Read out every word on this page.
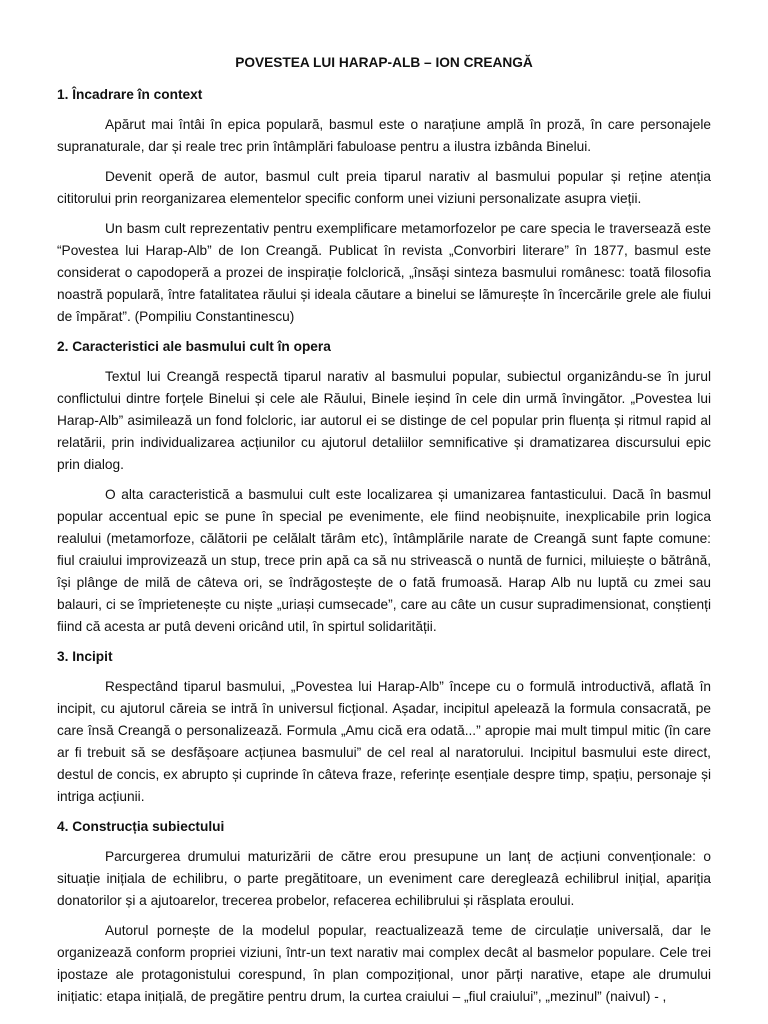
POVESTEA LUI HARAP-ALB – ION CREANGĂ
1. Încadrare în context

Apărut mai întâi în epica populară, basmul este o narațiune amplă în proză, în care personajele supranaturale, dar și reale trec prin întâmplări fabuloase pentru a ilustra izbânda Binelui.

Devenit operă de autor, basmul cult preia tiparul narativ al basmului popular și reține atenția cititorului prin reorganizarea elementelor specific conform unei viziuni personalizate asupra vieții.

Un basm cult reprezentativ pentru exemplificare metamorfozelor pe care specia le traversează este “Povestea lui Harap-Alb” de Ion Creangă. Publicat în revista „Convorbiri literare” în 1877, basmul este considerat o capodoperă a prozei de inspirație folclorică, „însăși sinteza basmului românesc: toată filosofia noastră populară, între fatalitatea răului și ideala căutare a binelui se lămurește în încercările grele ale fiului de împărat”. (Pompiliu Constantinescu)

2. Caracteristici ale basmului cult în opera

Textul lui Creangă respectă tiparul narativ al basmului popular, subiectul organizându-se în jurul conflictului dintre forțele Binelui și cele ale Răului, Binele ieșind în cele din urmă învingător. „Povestea lui Harap-Alb” asimilează un fond folcloric, iar autorul ei se distinge de cel popular prin fluența și ritmul rapid al relatării, prin individualizarea acțiunilor cu ajutorul detaliilor semnificative și dramatizarea discursului epic prin dialog.

O alta caracteristică a basmului cult este localizarea și umanizarea fantasticului. Dacă în basmul popular accentual epic se pune în special pe evenimente, ele fiind neobișnuite, inexplicabile prin logica realului (metamorfoze, călătorii pe celălalt tărâm etc), întâmplările narate de Creangă sunt fapte comune: fiul craiului improvizează un stup, trece prin apă ca să nu strivească o nuntă de furnici, miluiește o bătrână, își plânge de milă de câteva ori, se îndrăgostește de o fată frumoasă. Harap Alb nu luptă cu zmei sau balauri, ci se împrietenește cu niște „uriași cumsecade”, care au câte un cusur supradimensionat, conștienți fiind că acesta ar putâ deveni oricând util, în spirtul solidarității.

3. Incipit

Respectând tiparul basmului, „Povestea lui Harap-Alb” începe cu o formulă introductivă, aflată în incipit, cu ajutorul căreia se intră în universul ficțional. Așadar, incipitul apelează la formula consacrată, pe care însă Creangă o personalizează. Formula „Amu cică era odată...” apropie mai mult timpul mitic (în care ar fi trebuit să se desfășoare acțiunea basmului” de cel real al naratorului. Incipitul basmului este direct, destul de concis, ex abrupto și cuprinde în câteva fraze, referințe esențiale despre timp, spațiu, personaje și intriga acțiunii.

4. Construcția subiectului

Parcurgerea drumului maturizării de către erou presupune un lanț de acțiuni convenționale: o situație inițiala de echilibru, o parte pregătitoare, un eveniment care deregleazâ echilibrul inițial, apariția donatorilor și a ajutoarelor, trecerea probelor, refacerea echilibrului și răsplata eroului.

Autorul pornește de la modelul popular, reactualizează teme de circulație universală, dar le organizează conform propriei viziuni, într-un text narativ mai complex decât al basmelor populare. Cele trei ipostaze ale protagonistului corespund, în plan compozițional, unor părți narative, etape ale drumului inițiatic: etapa inițială, de pregătire pentru drum, la curtea craiului – „fiul craiului”, „mezinul” (naivul) - ,
